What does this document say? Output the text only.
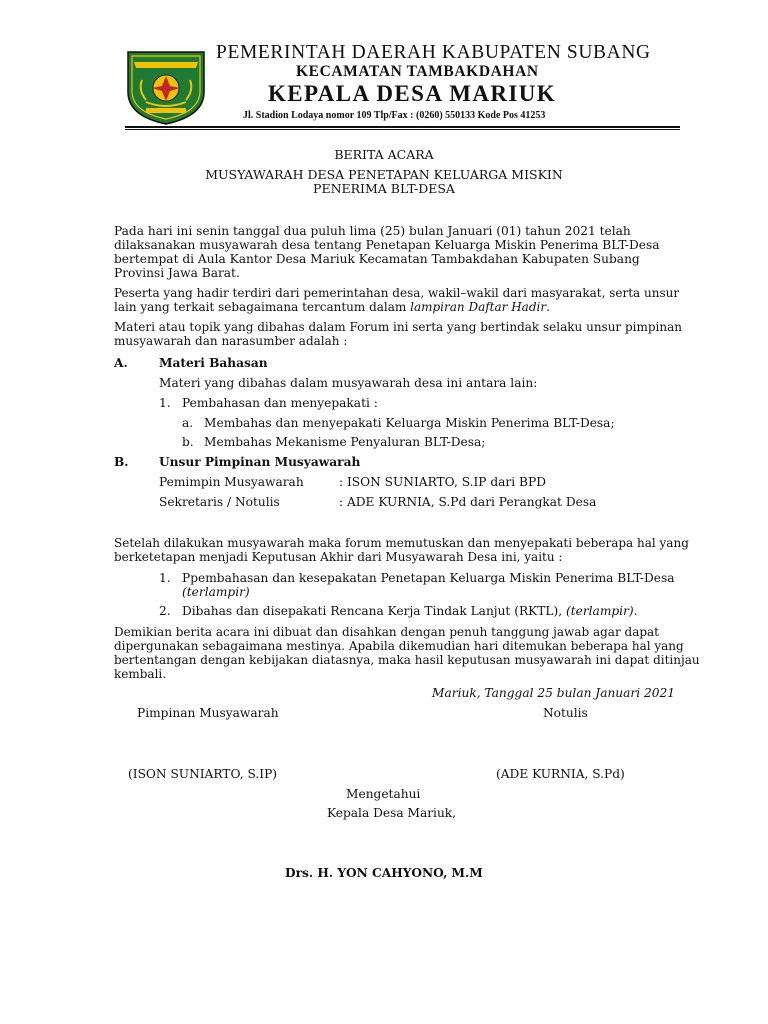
PEMERINTAH DAERAH KABUPATEN SUBANG
KECAMATAN TAMBAKDAHAN
KEPALA DESA MARIUK
Jl. Stadion Lodaya nomor 109 Tlp/Fax : (0260) 550133 Kode Pos 41253
BERITA ACARA
MUSYAWARAH DESA PENETAPAN KELUARGA MISKIN
PENERIMA BLT-DESA
Pada hari ini senin tanggal dua puluh lima (25) bulan Januari (01) tahun 2021 telah
dilaksanakan musyawarah desa tentang Penetapan Keluarga Miskin Penerima BLT-Desa
bertempat di Aula Kantor Desa Mariuk Kecamatan Tambakdahan Kabupaten Subang
Provinsi Jawa Barat.
Peserta yang hadir terdiri dari pemerintahan desa, wakil–wakil dari masyarakat, serta unsur
lain yang terkait sebagaimana tercantum dalam lampiran Daftar Hadir.
Materi atau topik yang dibahas dalam Forum ini serta yang bertindak selaku unsur pimpinan
musyawarah dan narasumber adalah :
A.	Materi Bahasan
Materi yang dibahas dalam musyawarah desa ini antara lain:
1. Pembahasan dan menyepakati :
a. Membahas dan menyepakati Keluarga Miskin Penerima BLT-Desa;
b. Membahas Mekanisme Penyaluran BLT-Desa;
B. Unsur Pimpinan Musyawarah
Pemimpin Musyawarah	: ISON SUNIARTO, S.IP dari BPD
Sekretaris / Notulis	: ADE KURNIA, S.Pd dari Perangkat Desa
Setelah dilakukan musyawarah maka forum memutuskan dan menyepakati beberapa hal yang
berketetapan menjadi Keputusan Akhir dari Musyawarah Desa ini, yaitu :
1. Ppembahasan dan kesepakatan Penetapan Keluarga Miskin Penerima BLT-Desa
(terlampir)
2. Dibahas dan disepakati Rencana Kerja Tindak Lanjut (RKTL), (terlampir).
Demikian berita acara ini dibuat dan disahkan dengan penuh tanggung jawab agar dapat
dipergunakan sebagaimana mestinya. Apabila dikemudian hari ditemukan beberapa hal yang
bertentangan dengan kebijakan diatasnya, maka hasil keputusan musyawarah ini dapat ditinjau
kembali.
Mariuk, Tanggal 25 bulan Januari 2021
Pimpinan Musyawarah	Notulis
(ISON SUNIARTO, S.IP)	(ADE KURNIA, S.Pd)
Mengetahui
Kepala Desa Mariuk,
Drs. H. YON CAHYONO, M.M
